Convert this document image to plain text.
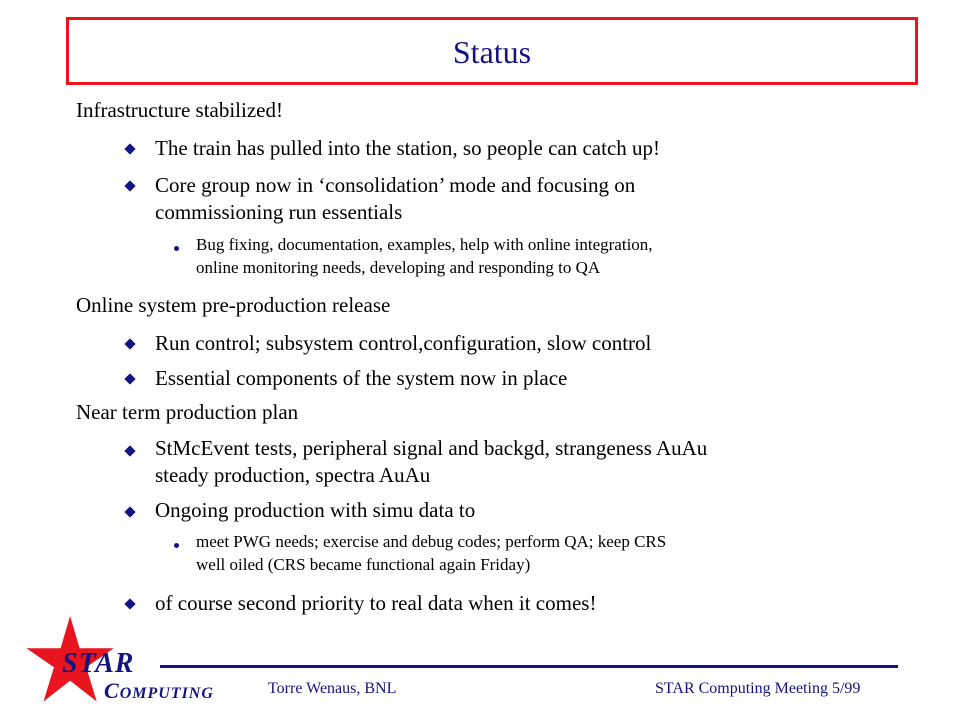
Status
Infrastructure stabilized!
The train has pulled into the station, so people can catch up!
Core group now in ‘consolidation’ mode and focusing on
commissioning run essentials
Bug fixing, documentation, examples, help with online integration,
online monitoring needs, developing and responding to QA
Online system pre-production release
Run control; subsystem control,configuration, slow control
Essential components of the system now in place
Near term production plan
StMcEvent tests, peripheral signal and backgd, strangeness AuAu
steady production, spectra AuAu
Ongoing production with simu data to
meet PWG needs; exercise and debug codes; perform QA; keep CRS
well oiled (CRS became functional again Friday)
of course second priority to real data when it comes!
STAR
COMPUTING	Torre Wenaus, BNL	STAR Computing Meeting 5/99
